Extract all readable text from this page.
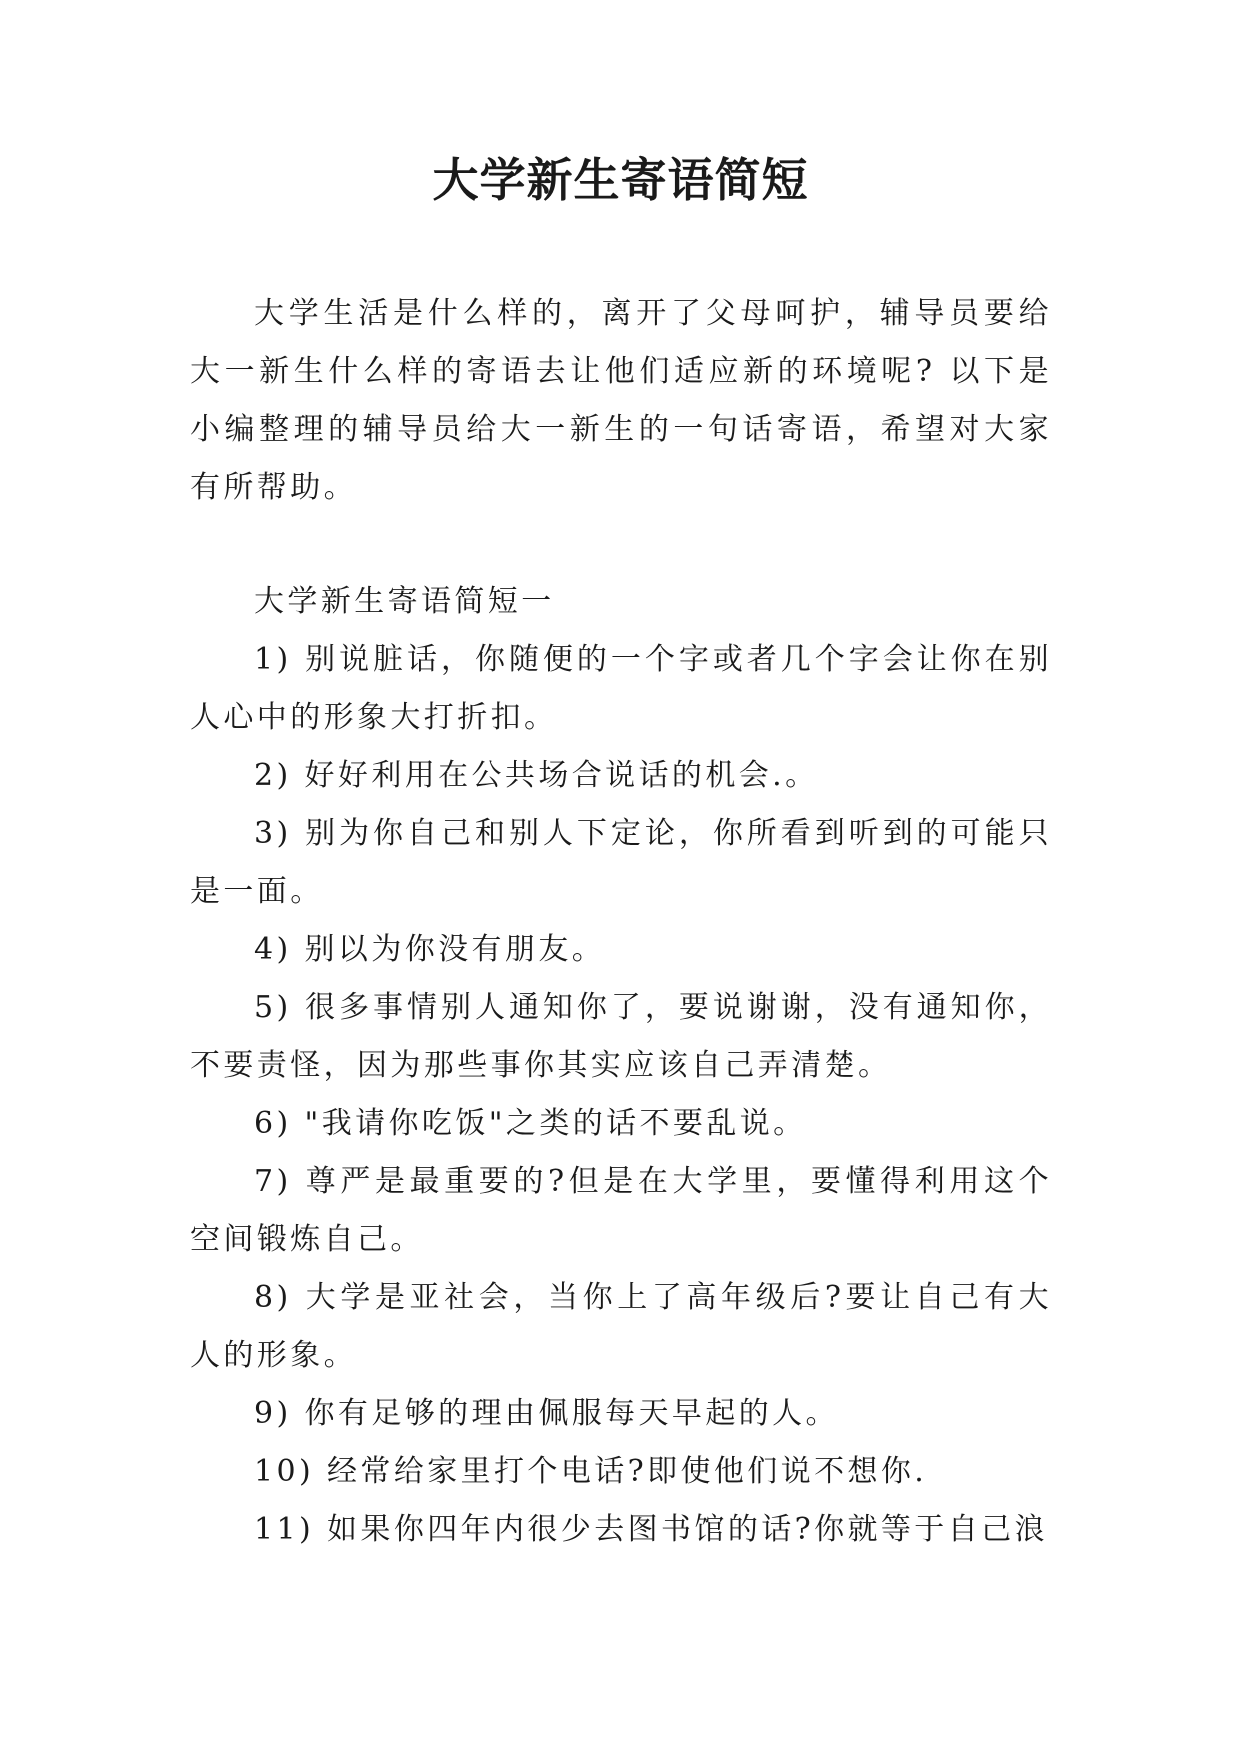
大学新生寄语简短

大学生活是什么样的，离开了父母呵护，辅导员要给大一新生什么样的寄语去让他们适应新的环境呢? 以下是小编整理的辅导员给大一新生的一句话寄语，希望对大家有所帮助。

大学新生寄语简短一

1) 别说脏话，你随便的一个字或者几个字会让你在别人心中的形象大打折扣。

2) 好好利用在公共场合说话的机会.。

3) 别为你自己和别人下定论，你所看到听到的可能只是一面。

4) 别以为你没有朋友。

5) 很多事情别人通知你了，要说谢谢，没有通知你，不要责怪，因为那些事你其实应该自己弄清楚。

6) "我请你吃饭"之类的话不要乱说。

7) 尊严是最重要的?但是在大学里，要懂得利用这个空间锻炼自己。

8) 大学是亚社会，当你上了高年级后?要让自己有大人的形象。

9) 你有足够的理由佩服每天早起的人。

10) 经常给家里打个电话?即使他们说不想你.

11) 如果你四年内很少去图书馆的话?你就等于自己浪
